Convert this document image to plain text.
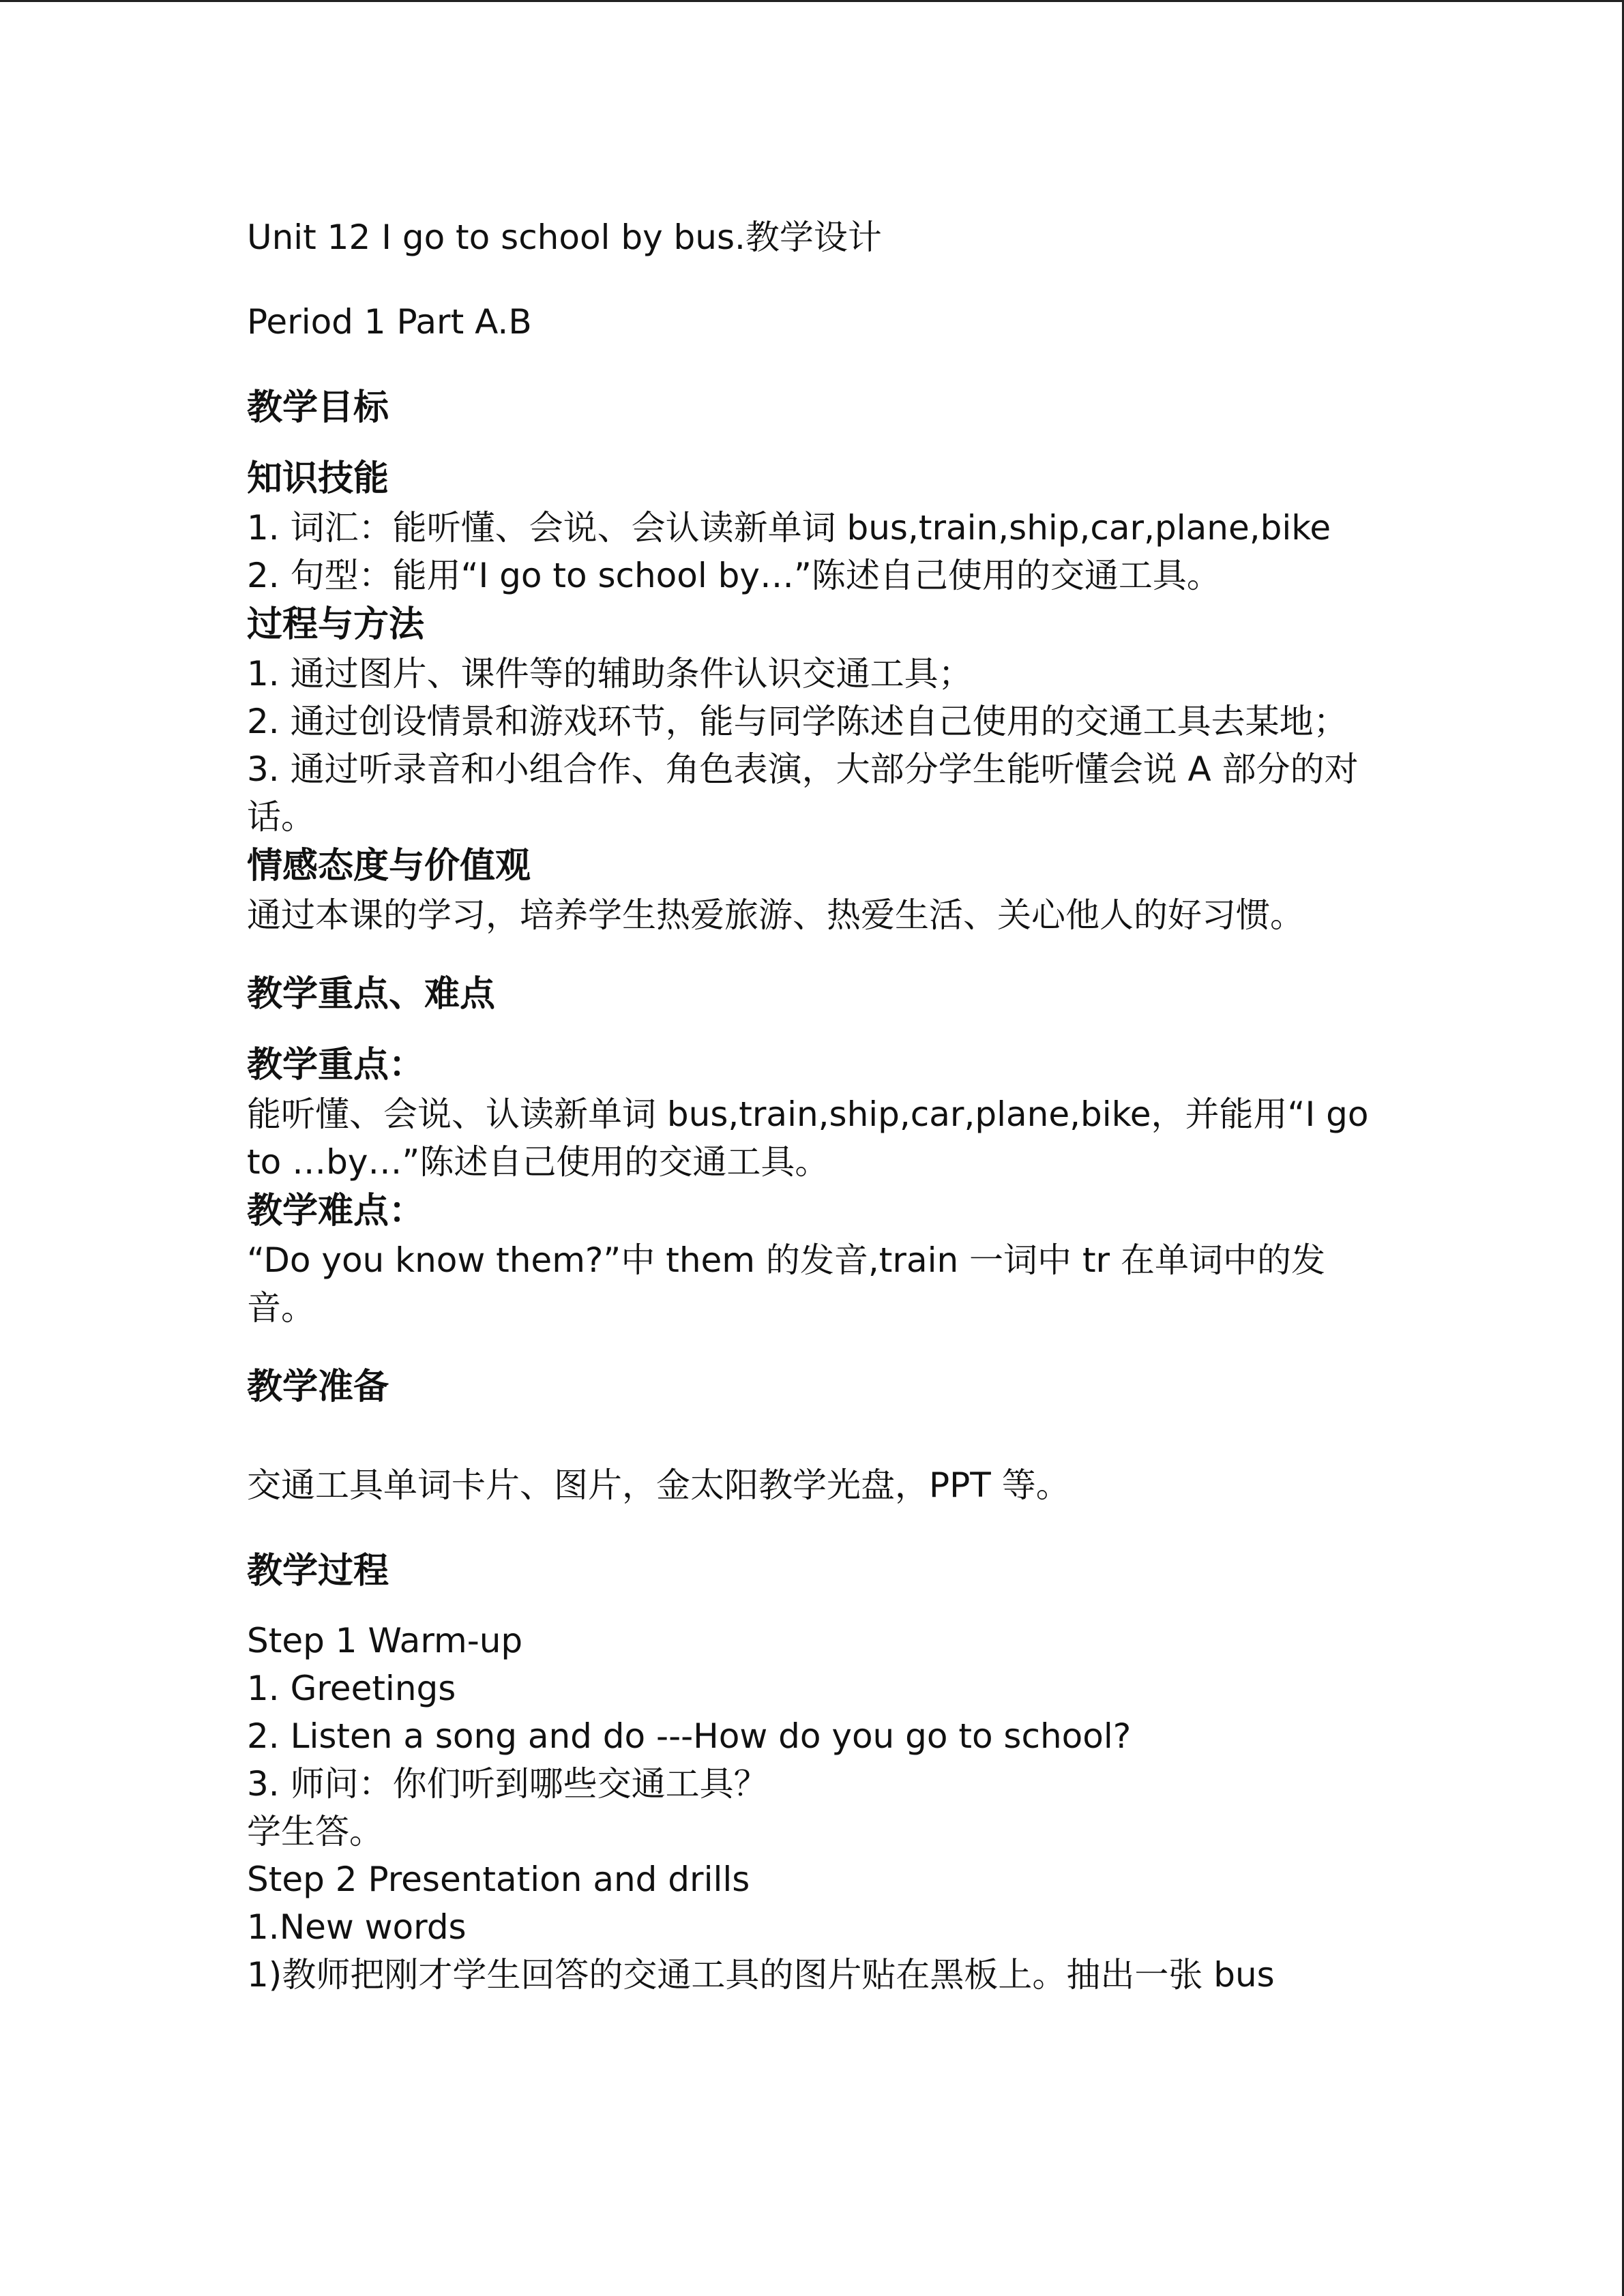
Unit 12 I go to school by bus.教学设计
Period 1 Part A.B
教学目标
知识技能
1. 词汇：能听懂、会说、会认读新单词 bus,train,ship,car,plane,bike
2. 句型：能用“I go to school by…”陈述自己使用的交通工具。
过程与方法
1. 通过图片、课件等的辅助条件认识交通工具；
2. 通过创设情景和游戏环节，能与同学陈述自己使用的交通工具去某地；
3. 通过听录音和小组合作、角色表演，大部分学生能听懂会说 A 部分的对话。
情感态度与价值观
通过本课的学习，培养学生热爱旅游、热爱生活、关心他人的好习惯。
教学重点、难点
教学重点：
能听懂、会说、认读新单词 bus,train,ship,car,plane,bike，并能用“I go to …by…”陈述自己使用的交通工具。
教学难点：
“Do you know them?”中 them 的发音,train 一词中 tr 在单词中的发音。
教学准备
交通工具单词卡片、图片，金太阳教学光盘，PPT 等。
教学过程
Step 1 Warm-up
1. Greetings
2. Listen a song and do ---How do you go to school?
3. 师问：你们听到哪些交通工具？
学生答。
Step 2 Presentation and drills
1.New words
1)教师把刚才学生回答的交通工具的图片贴在黑板上。抽出一张 bus
